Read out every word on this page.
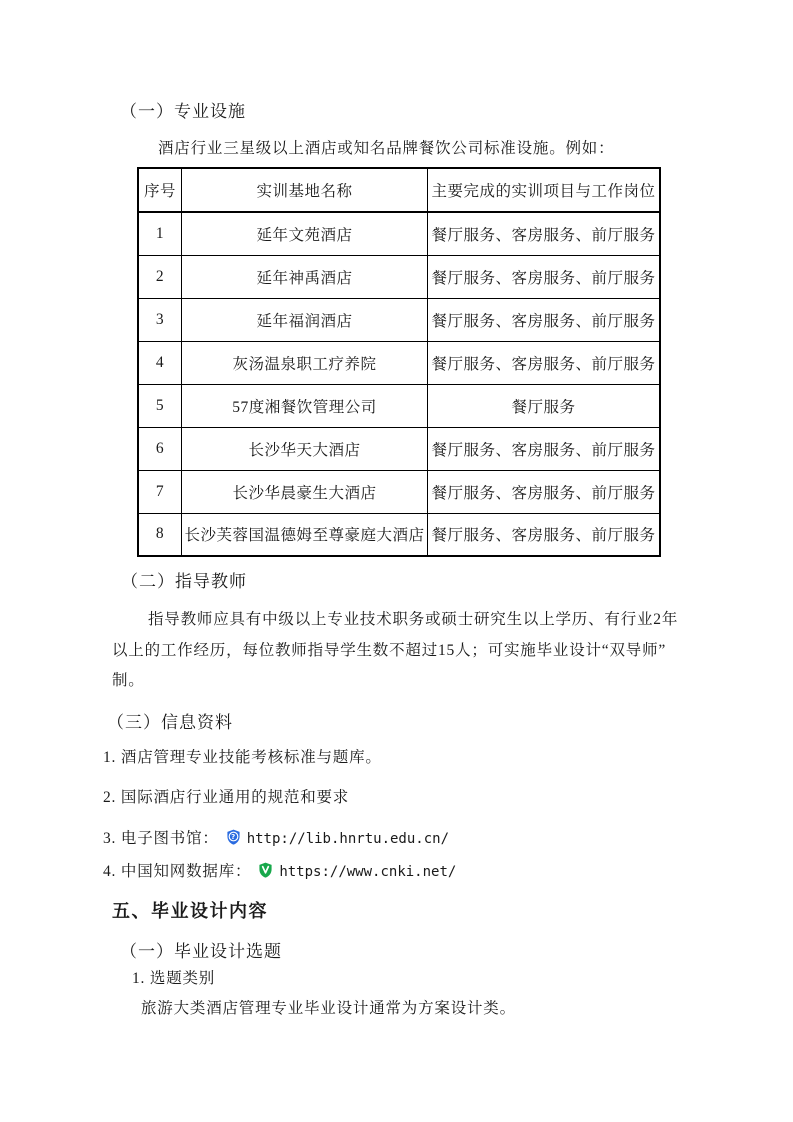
（一）专业设施
酒店行业三星级以上酒店或知名品牌餐饮公司标准设施。例如：
序号	实训基地名称	主要完成的实训项目与工作岗位
1	延年文苑酒店	餐厅服务、客房服务、前厅服务
2	延年神禹酒店	餐厅服务、客房服务、前厅服务
3	延年福润酒店	餐厅服务、客房服务、前厅服务
4	灰汤温泉职工疗养院	餐厅服务、客房服务、前厅服务
5	57度湘餐饮管理公司	餐厅服务
6	长沙华天大酒店	餐厅服务、客房服务、前厅服务
7	长沙华晨豪生大酒店	餐厅服务、客房服务、前厅服务
8	长沙芙蓉国温德姆至尊豪庭大酒店	餐厅服务、客房服务、前厅服务
（二）指导教师
指导教师应具有中级以上专业技术职务或硕士研究生以上学历、有行业2年
以上的工作经历，每位教师指导学生数不超过15人；可实施毕业设计“双导师”
制。
（三）信息资料
1. 酒店管理专业技能考核标准与题库。
2. 国际酒店行业通用的规范和要求
3. 电子图书馆： ? http://lib.hnrtu.edu.cn/
4. 中国知网数据库： https://www.cnki.net/
五、毕业设计内容
（一）毕业设计选题
1. 选题类别
旅游大类酒店管理专业毕业设计通常为方案设计类。
